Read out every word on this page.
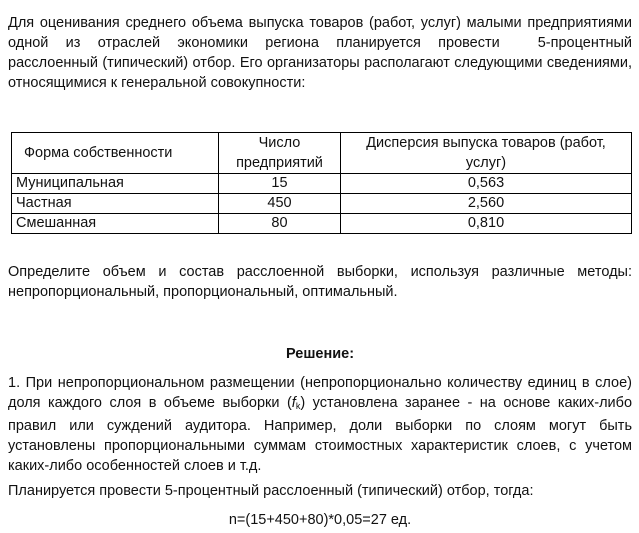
Для оценивания среднего объема выпуска товаров (работ, услуг) малыми предприятиями одной из отраслей экономики региона планируется провести	5-процентный расслоенный (типический) отбор. Его организаторы располагают следующими сведениями, относящимися к генеральной совокупности:

Форма собственности	Число предприятий	Дисперсия выпуска товаров (работ, услуг)
Муниципальная	15	0,563
Частная	450	2,560
Смешанная	80	0,810

Определите объем и состав расслоенной выборки, используя различные методы: непропорциональный, пропорциональный, оптимальный.

Решение:

1. При непропорциональном размещении (непропорционально количеству единиц в слое) доля каждого слоя в объеме выборки $(f_k)$ установлена заранее - на основе каких-либо правил или суждений аудитора. Например, доли выборки по слоям могут быть установлены пропорциональными суммам стоимостных характеристик слоев, с учетом каких-либо особенностей слоев и т.д.

Планируется провести 5-процентный расслоенный (типический) отбор, тогда:

n=(15+450+80)*0,05=27 ед.
